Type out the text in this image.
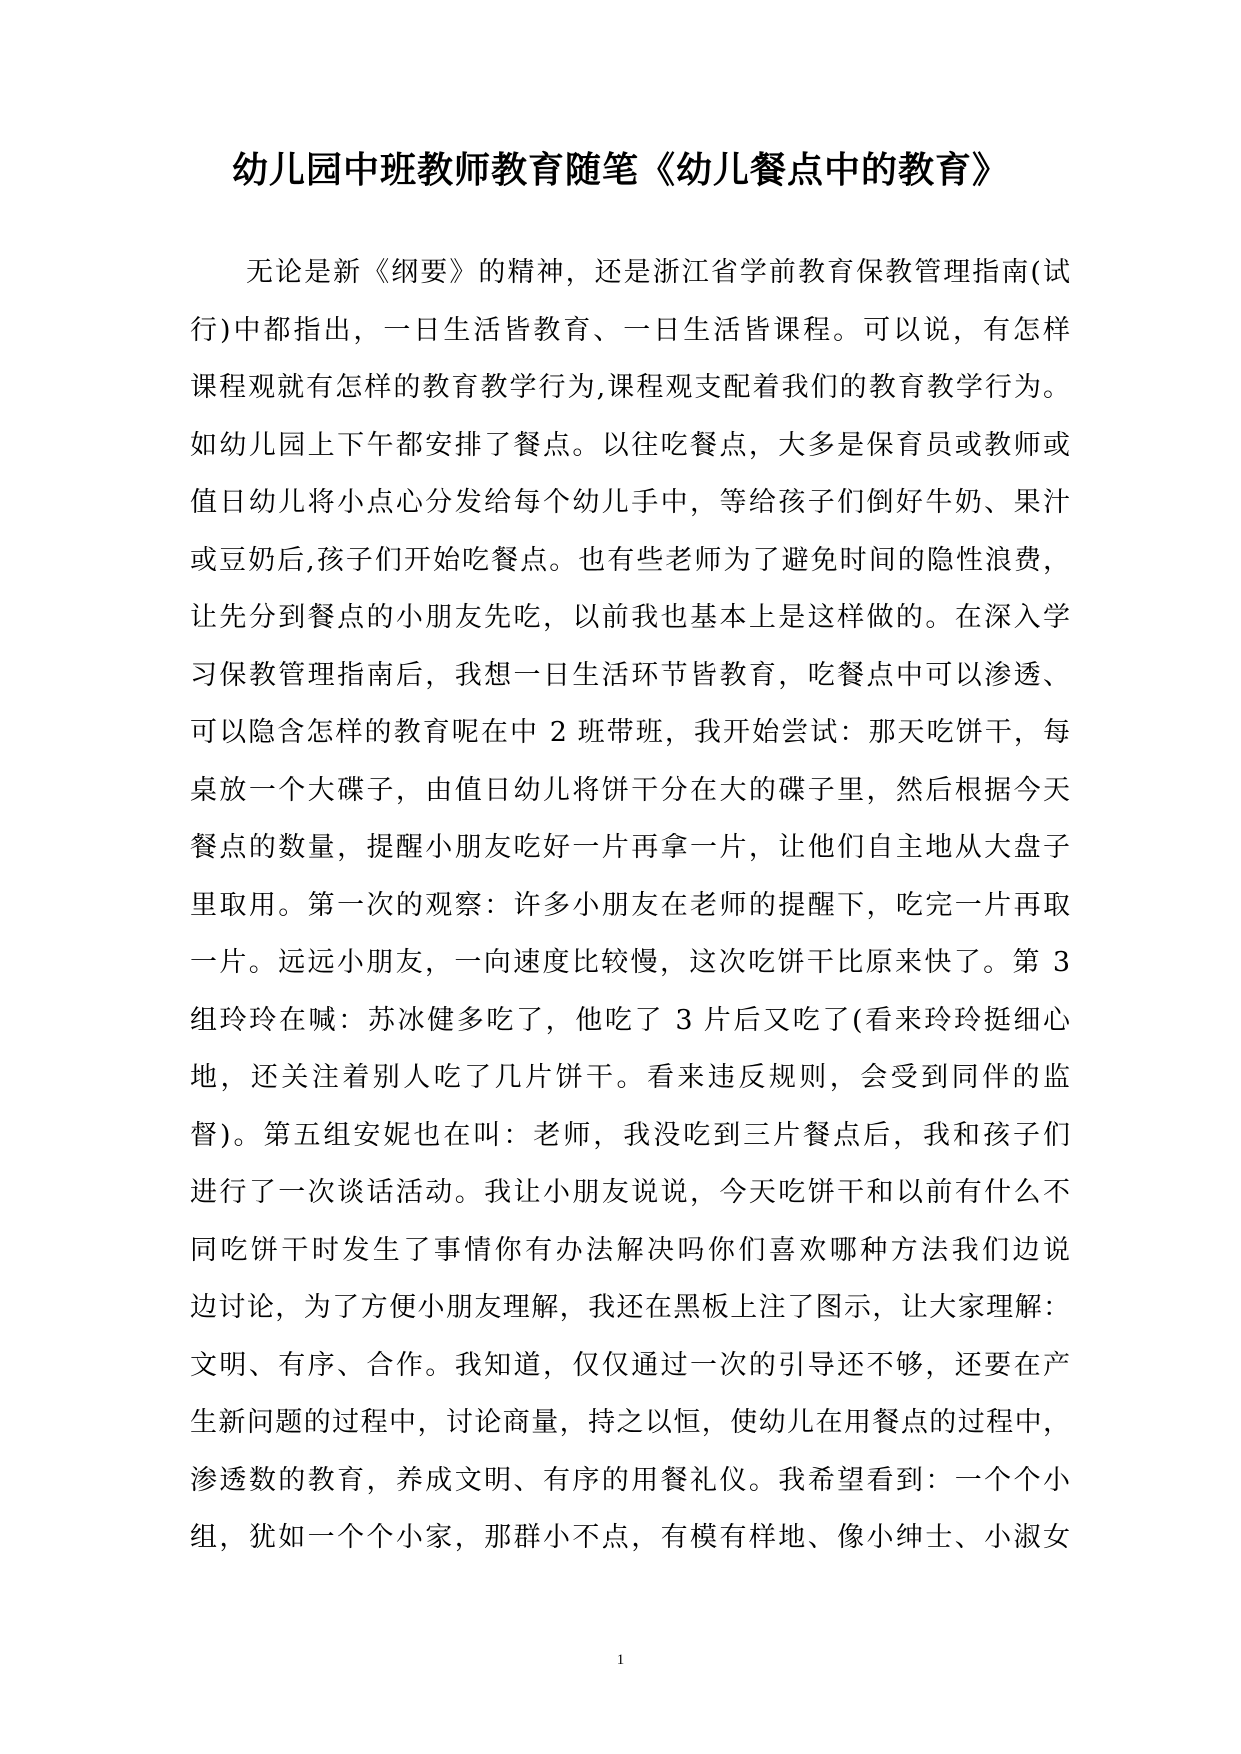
幼儿园中班教师教育随笔《幼儿餐点中的教育》
无论是新《纲要》的精神，还是浙江省学前教育保教管理指南(试
行)中都指出，一日生活皆教育、一日生活皆课程。可以说，有怎样
课程观就有怎样的教育教学行为,课程观支配着我们的教育教学行为。
如幼儿园上下午都安排了餐点。以往吃餐点，大多是保育员或教师或
值日幼儿将小点心分发给每个幼儿手中，等给孩子们倒好牛奶、果汁
或豆奶后,孩子们开始吃餐点。也有些老师为了避免时间的隐性浪费，
让先分到餐点的小朋友先吃，以前我也基本上是这样做的。在深入学
习保教管理指南后，我想一日生活环节皆教育，吃餐点中可以渗透、
可以隐含怎样的教育呢在中 2 班带班，我开始尝试：那天吃饼干，每
桌放一个大碟子，由值日幼儿将饼干分在大的碟子里，然后根据今天
餐点的数量，提醒小朋友吃好一片再拿一片，让他们自主地从大盘子
里取用。第一次的观察：许多小朋友在老师的提醒下，吃完一片再取
一片。远远小朋友，一向速度比较慢，这次吃饼干比原来快了。第 3
组玲玲在喊：苏冰健多吃了，他吃了 3 片后又吃了(看来玲玲挺细心
地，还关注着别人吃了几片饼干。看来违反规则，会受到同伴的监
督)。第五组安妮也在叫：老师，我没吃到三片餐点后，我和孩子们
进行了一次谈话活动。我让小朋友说说，今天吃饼干和以前有什么不
同吃饼干时发生了事情你有办法解决吗你们喜欢哪种方法我们边说
边讨论，为了方便小朋友理解，我还在黑板上注了图示，让大家理解：
文明、有序、合作。我知道，仅仅通过一次的引导还不够，还要在产
生新问题的过程中，讨论商量，持之以恒，使幼儿在用餐点的过程中，
渗透数的教育，养成文明、有序的用餐礼仪。我希望看到：一个个小
组，犹如一个个小家，那群小不点，有模有样地、像小绅士、小淑女
1
